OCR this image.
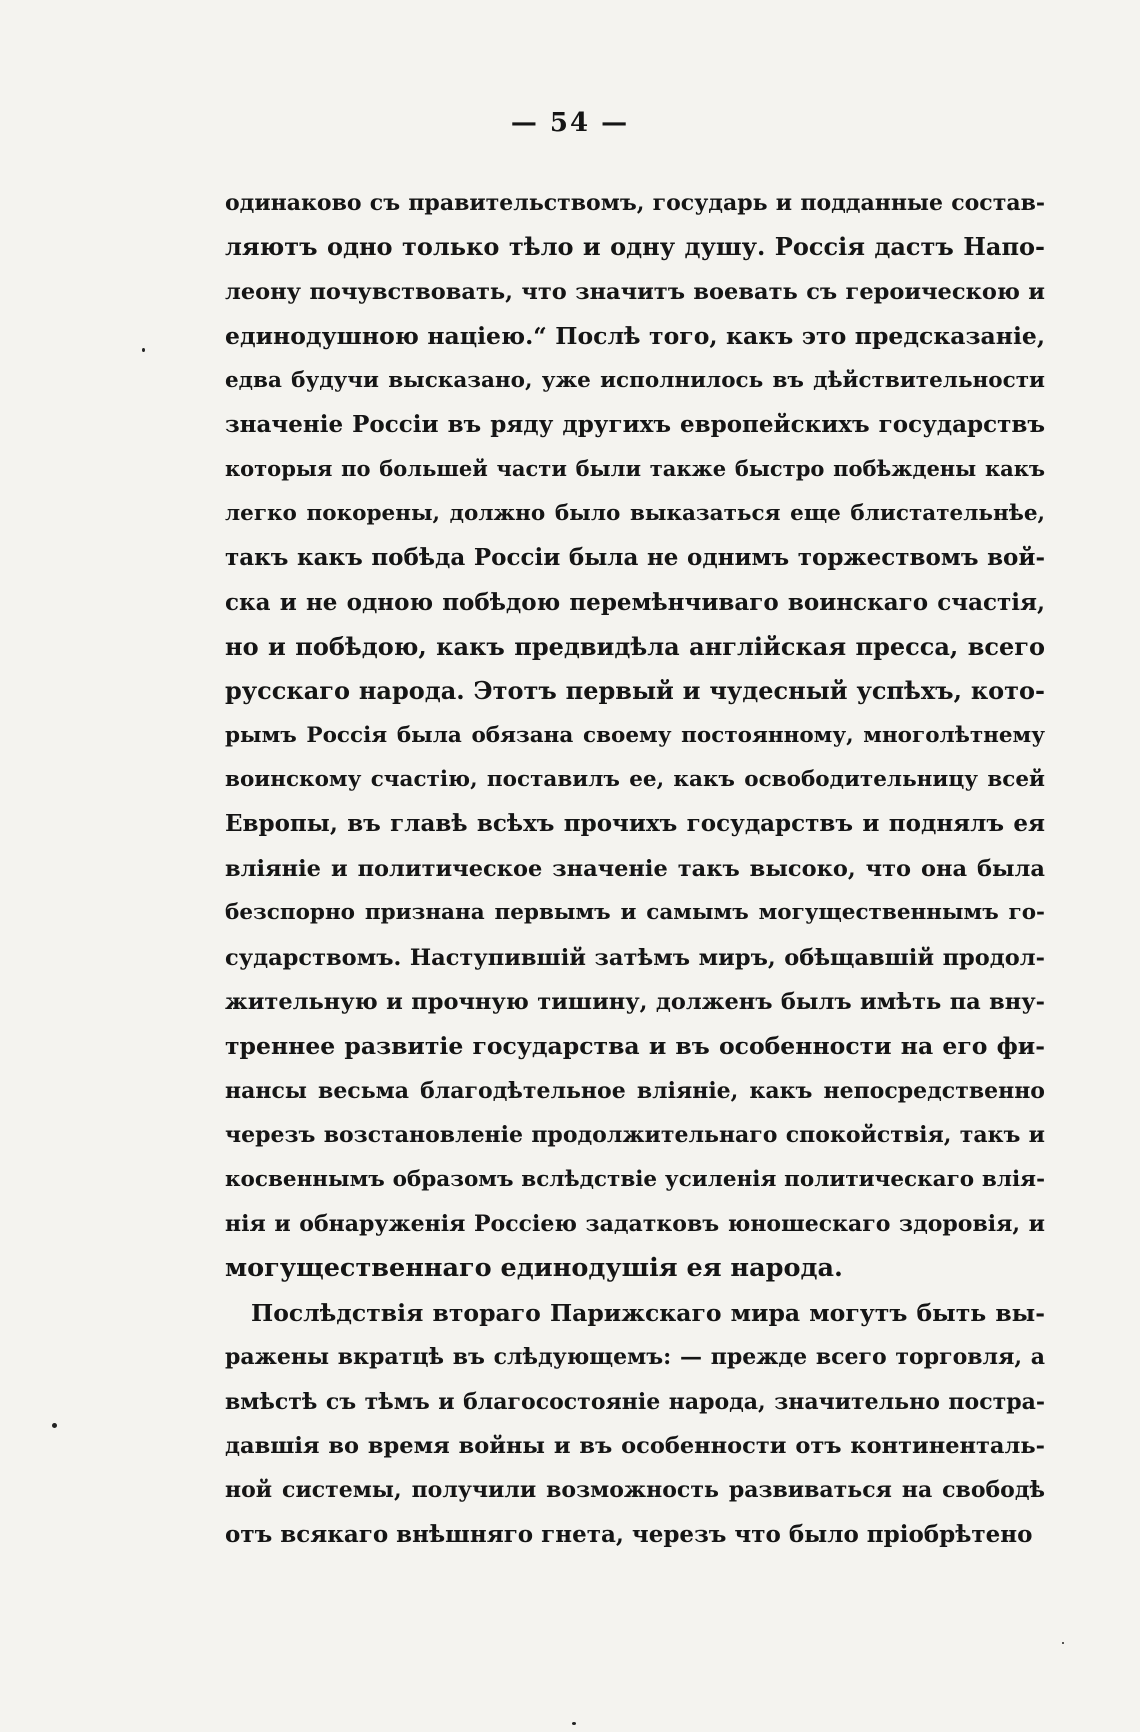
— 54 —
одинаково съ правительствомъ, государь и подданные состав-
ляютъ одно только тѣло и одну душу. Россія дастъ Напо-
леону почувствовать, что значитъ воевать съ героическою и
единодушною націею.“ Послѣ того, какъ это предсказаніе,
едва будучи высказано, уже исполнилось въ дѣйствительности
значеніе Россіи въ ряду другихъ европейскихъ государствъ
которыя по большей части были также быстро побѣждены какъ
легко покорены, должно было выказаться еще блистательнѣе,
такъ какъ побѣда Россіи была не однимъ торжествомъ вой-
ска и не одною побѣдою перемѣнчиваго воинскаго счастія,
но и побѣдою, какъ предвидѣла англійская пресса, всего
русскаго народа. Этотъ первый и чудесный успѣхъ, кото-
рымъ Россія была обязана своему постоянному, многолѣтнему
воинскому счастію, поставилъ ее, какъ освободительницу всей
Европы, въ главѣ всѣхъ прочихъ государствъ и поднялъ ея
вліяніе и политическое значеніе такъ высоко, что она была
безспорно признана первымъ и самымъ могущественнымъ го-
сударствомъ. Наступившій затѣмъ миръ, обѣщавшій продол-
жительную и прочную тишину, долженъ былъ имѣть па вну-
треннее развитіе государства и въ особенности на его фи-
нансы весьма благодѣтельное вліяніе, какъ непосредственно
черезъ возстановленіе продолжительнаго спокойствія, такъ и
косвеннымъ образомъ вслѣдствіе усиленія политическаго влія-
нія и обнаруженія Россіею задатковъ юношескаго здоровія, и
могущественнаго единодушія ея народа.
Послѣдствія втораго Парижскаго мира могутъ быть вы-
ражены вкратцѣ въ слѣдующемъ: — прежде всего торговля, а
вмѣстѣ съ тѣмъ и благосостояніе народа, значительно постра-
давшія во время войны и въ особенности отъ континенталь-
ной системы, получили возможность развиваться на свободѣ
отъ всякаго внѣшняго гнета, черезъ что было пріобрѣтено
